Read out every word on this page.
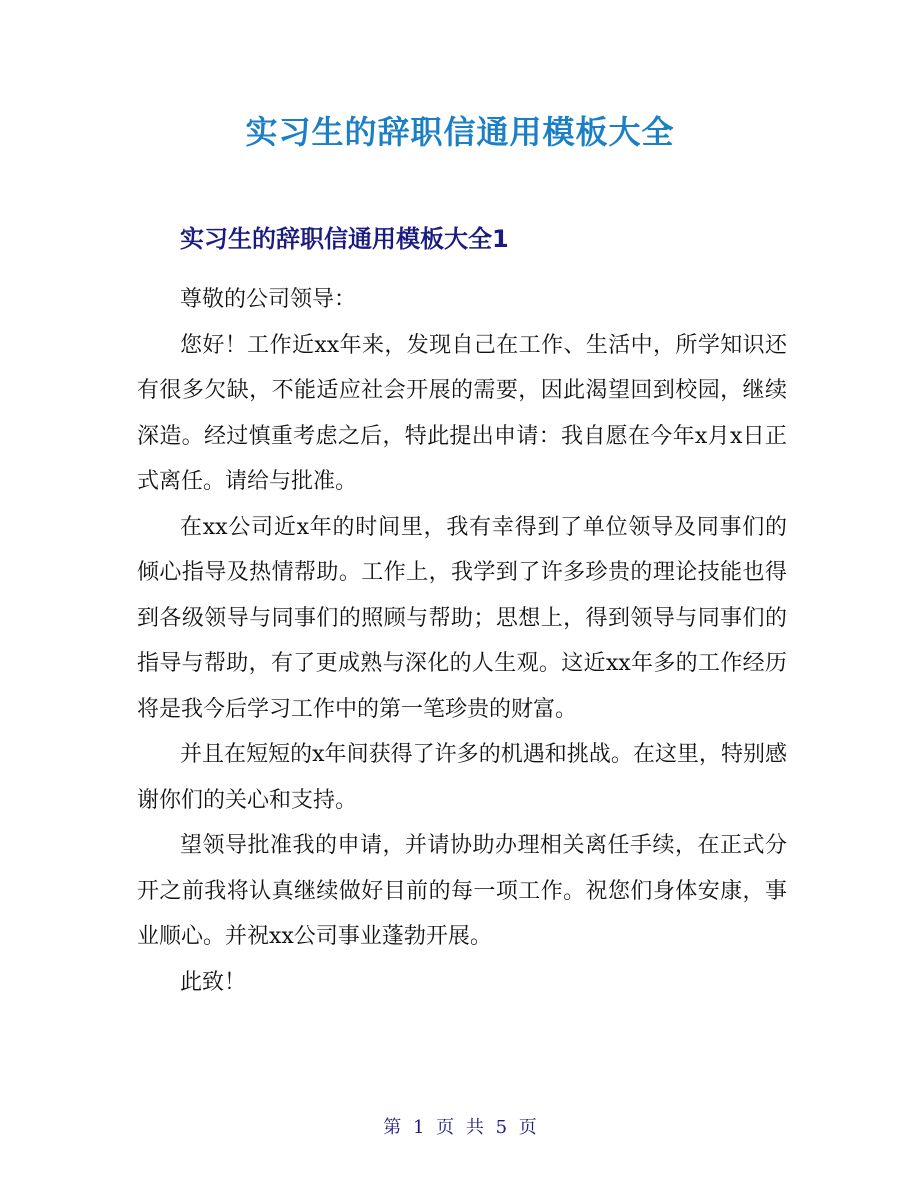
实习生的辞职信通用模板大全
实习生的辞职信通用模板大全1

尊敬的公司领导：

您好！工作近xx年来，发现自己在工作、生活中，所学知识还有很多欠缺，不能适应社会开展的需要，因此渴望回到校园，继续深造。经过慎重考虑之后，特此提出申请：我自愿在今年x月x日正式离任。请给与批准。

在xx公司近x年的时间里，我有幸得到了单位领导及同事们的倾心指导及热情帮助。工作上，我学到了许多珍贵的理论技能也得到各级领导与同事们的照顾与帮助；思想上，得到领导与同事们的指导与帮助，有了更成熟与深化的人生观。这近xx年多的工作经历将是我今后学习工作中的第一笔珍贵的财富。

并且在短短的x年间获得了许多的机遇和挑战。在这里，特别感谢你们的关心和支持。

望领导批准我的申请，并请协助办理相关离任手续，在正式分开之前我将认真继续做好目前的每一项工作。祝您们身体安康，事业顺心。并祝xx公司事业蓬勃开展。

此致！

第 1 页 共 5 页
